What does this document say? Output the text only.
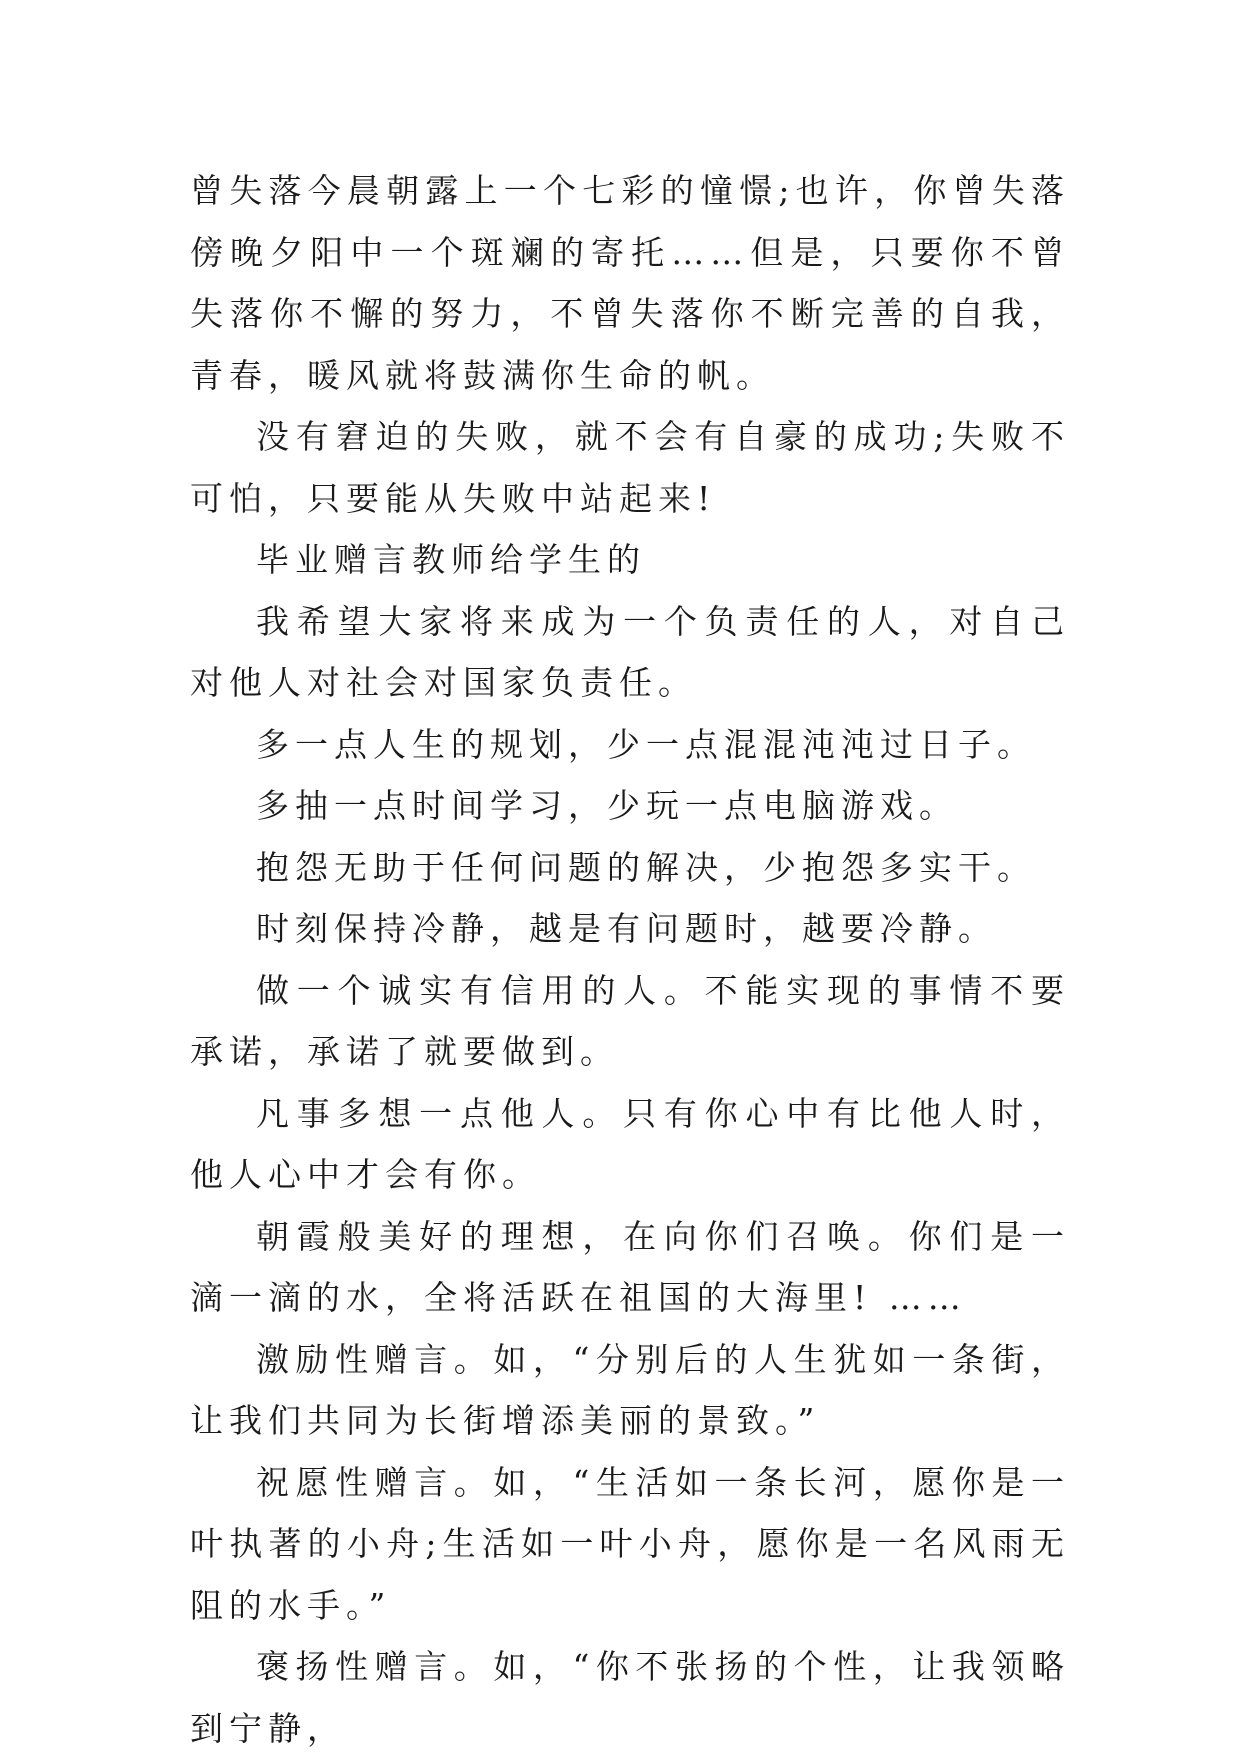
曾失落今晨朝露上一个七彩的憧憬;也许，你曾失落傍晚夕阳中一个斑斓的寄托……但是，只要你不曾失落你不懈的努力，不曾失落你不断完善的自我，青春，暖风就将鼓满你生命的帆。

没有窘迫的失败，就不会有自豪的成功;失败不可怕，只要能从失败中站起来!

毕业赠言教师给学生的

我希望大家将来成为一个负责任的人，对自己对他人对社会对国家负责任。

多一点人生的规划，少一点混混沌沌过日子。

多抽一点时间学习，少玩一点电脑游戏。

抱怨无助于任何问题的解决，少抱怨多实干。

时刻保持冷静，越是有问题时，越要冷静。

做一个诚实有信用的人。不能实现的事情不要承诺，承诺了就要做到。

凡事多想一点他人。只有你心中有比他人时，他人心中才会有你。

朝霞般美好的理想，在向你们召唤。你们是一滴一滴的水，全将活跃在祖国的大海里! ……

激励性赠言。如，“分别后的人生犹如一条街，让我们共同为长街增添美丽的景致。”

祝愿性赠言。如，“生活如一条长河，愿你是一叶执著的小舟;生活如一叶小舟，愿你是一名风雨无阻的水手。”

褒扬性赠言。如，“你不张扬的个性，让我领略到宁静，
